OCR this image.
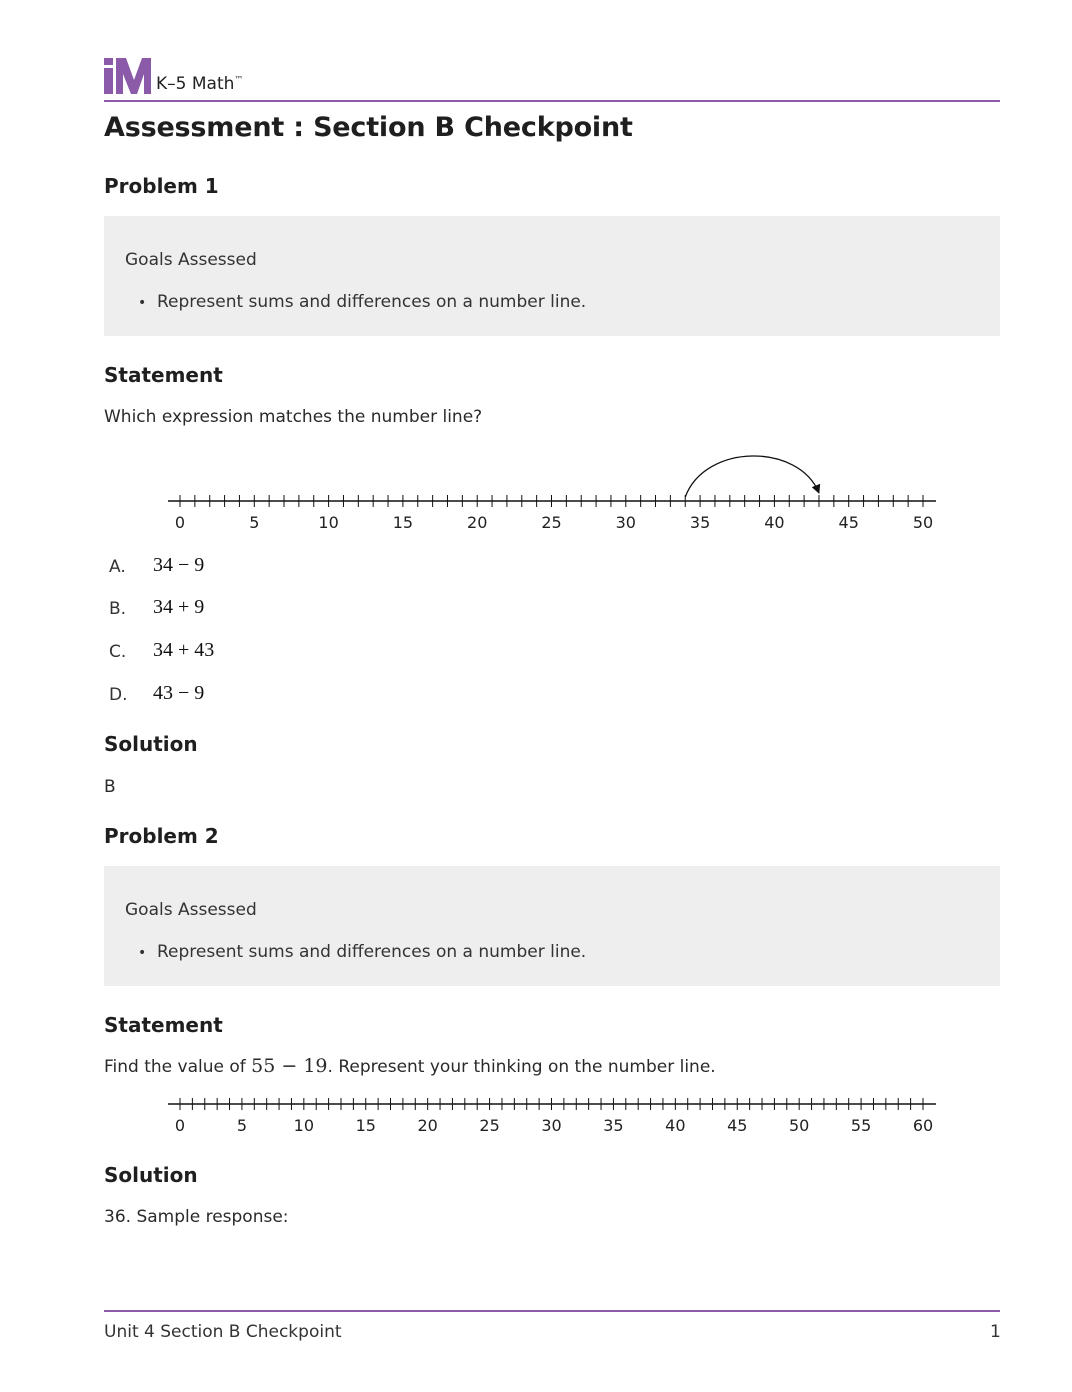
K–5 Math™
Assessment : Section B Checkpoint
Problem 1
Goals Assessed
• Represent sums and differences on a number line.
Statement
Which expression matches the number line?
0	5	10	15	20	25	30	35	40	45	50
A. 34 − 9
B. 34 + 9
C. 34 + 43
D. 43 − 9
Solution
B
Problem 2
Goals Assessed
• Represent sums and differences on a number line.
Statement
Find the value of 55 − 19. Represent your thinking on the number line.
0	5	10	15	20	25	30	35	40	45	50	55	60
Solution
36. Sample response:
Unit 4 Section B Checkpoint	1
